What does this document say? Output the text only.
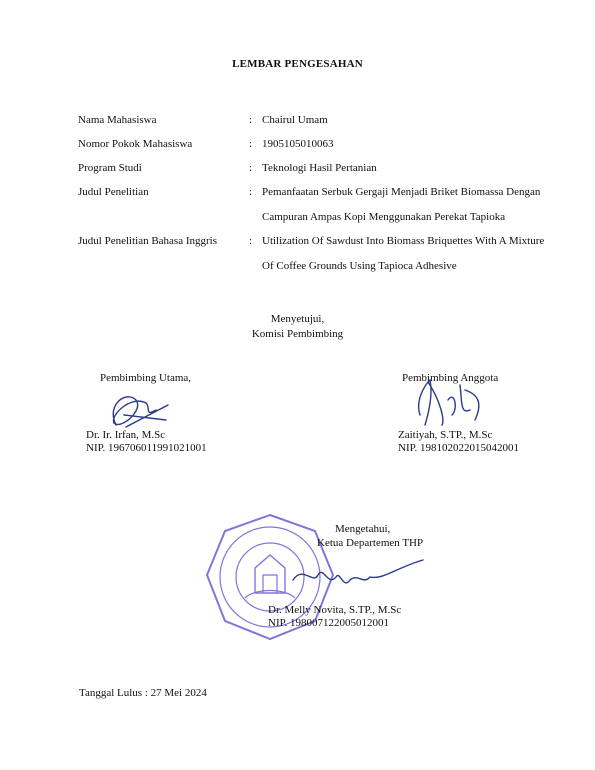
LEMBAR PENGESAHAN
Nama Mahasiswa	: Chairul Umam
Nomor Pokok Mahasiswa	: 1905105010063
Program Studi	: Teknologi Hasil Pertanian
Judul Penelitian	: Pemanfaatan Serbuk Gergaji Menjadi Briket Biomassa Dengan
Campuran Ampas Kopi Menggunakan Perekat Tapioka
Judul Penelitian Bahasa Inggris	: Utilization Of Sawdust Into Biomass Briquettes With A Mixture
Of Coffee Grounds Using Tapioca Adhesive
Menyetujui,
Komisi Pembimbing
Pembimbing Utama,
Dr. Ir. Irfan, M.Sc
NIP. 196706011991021001
Pembimbing Anggota
Zaitiyah, S.TP., M.Sc
NIP. 198102022015042001
Mengetahui,
Ketua Departemen THP
Dr. Melly Novita, S.TP., M.Sc
NIP. 198007122005012001
Tanggal Lulus : 27 Mei 2024
